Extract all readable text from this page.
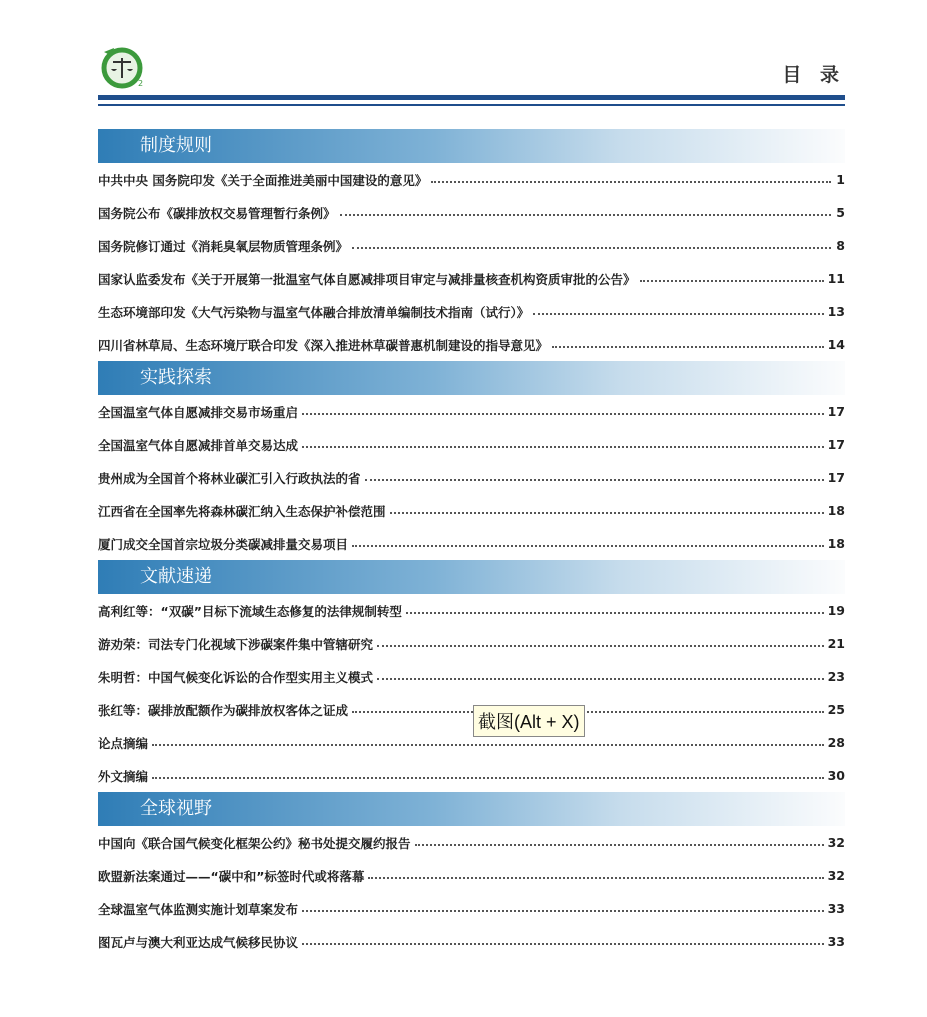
2	目 录
制度规则
中共中央 国务院印发《关于全面推进美丽中国建设的意见》	1
国务院公布《碳排放权交易管理暂行条例》	5
国务院修订通过《消耗臭氧层物质管理条例》	8
国家认监委发布《关于开展第一批温室气体自愿减排项目审定与减排量核查机构资质审批的公告》	11
生态环境部印发《大气污染物与温室气体融合排放清单编制技术指南（试行）》	13
四川省林草局、生态环境厅联合印发《深入推进林草碳普惠机制建设的指导意见》	14
实践探索
全国温室气体自愿减排交易市场重启	17
全国温室气体自愿减排首单交易达成	17
贵州成为全国首个将林业碳汇引入行政执法的省	17
江西省在全国率先将森林碳汇纳入生态保护补偿范围	18
厦门成交全国首宗垃圾分类碳减排量交易项目	18
文献速递
高利红等：“双碳”目标下流域生态修复的法律规制转型	19
游劝荣：司法专门化视域下涉碳案件集中管辖研究	21
朱明哲：中国气候变化诉讼的合作型实用主义模式	23
张红等：碳排放配额作为碳排放权客体之证成	25
论点摘编	28
外文摘编	30
全球视野
中国向《联合国气候变化框架公约》秘书处提交履约报告	32
欧盟新法案通过——“碳中和”标签时代或将落幕	32
全球温室气体监测实施计划草案发布	33
图瓦卢与澳大利亚达成气候移民协议	33
截图(Alt + X)
